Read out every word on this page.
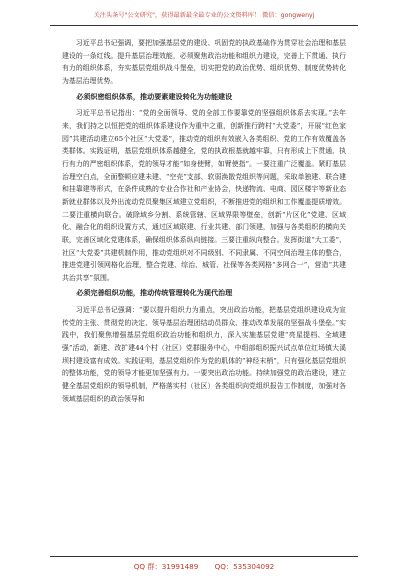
关注头条号"公文研究"，获得最新最全最专业的公文资料库！ 微信：gongwenyj

习近平总书记强调，要把加强基层党的建设、巩固党的执政基础作为贯穿社会治理和基层建设的一条红线。提升基层治理效能，必须聚焦政治功能和组织力建设，完善上下贯通、执行有力的组织体系，夯实基层党组织战斗堡垒，切实把党的政治优势、组织优势、制度优势转化为基层治理优势。

必须织密组织体系，推动要素建设转化为功能建设

习近平总书记指出：“党的全面领导、党的全部工作要靠党的坚强组织体系去实现。”去年来，我们持之以恒把党的组织体系建设作为重中之重，创新推行跨村“大党委”，开展“红色家园”共建活动建立65个社区“大党委”，推动党的组织有效嵌入各类组织、党的工作有效覆盖各类群体。实践证明，基层党组织体系越健全，党的执政根基就越牢靠，只有形成上下贯通、执行有力的严密组织体系，党的领导才能“如身使臂，如臂使指”。一要注重广泛覆盖。紧盯基层治理空白点，全面整顿应建未建、“空壳”支部、软弱涣散党组织等问题，采取单独建、联合建和挂靠建等形式，在条件成熟的专业合作社和产业协会，快递物流、电商、园区楼宇等新业态新就业群体以及外出流动党员聚集区域建立党组织，不断推进党的组织和工作覆盖提质增效。二要注重横向联合。破除域乡分割、系统管辖、区域界限等壁垒，创新“片区化”党建、区域化、融合化的组织设置方式，通过区域联建、行业共建、部门领建，加强与各类组织的横向关联，完善区域化党建体系，确保组织体系纵向链接。三要注重纵向整合。发挥街道“大工委”、社区“大党委”共建机制作用，推动党组织对不同级别、不同隶属、不同空间治理主体的整合，推进党建引领网格化治理，整合党建、综治、城管、社保等各类网格“多网合一”，营造“共建共治共享”氛围。

必须完善组织功能，推动传统管理转化为现代治理

习近平总书记强调：“要以提升组织力为重点，突出政治功能，把基层党组织建设成为宣传党的主张、贯彻党的决定、领导基层治理团结动员群众、推动改革发展的坚强战斗堡垒。”实践中，我们聚焦增强基层党组织政治功能和组织力，深入实施基层党建“亮星提档、全域建强”活动，新建、改扩建44个村（社区）党群服务中心，中组部组织振兴试点单位红场镇大溪坝村建设富有成效。实践证明，基层党组织作为党的肌体的“神经末梢”，只有强化基层党组织的整体功能，党的领导才能更加坚强有力。一要突出政治功能。持续加强党的政治建设，建立健全基层党组织的领导机制，严格落实村（社区）各类组织向党组织报告工作制度，加强对各领域基层组织的政治领导和

QQ 群：31991489 QQ：535304092
